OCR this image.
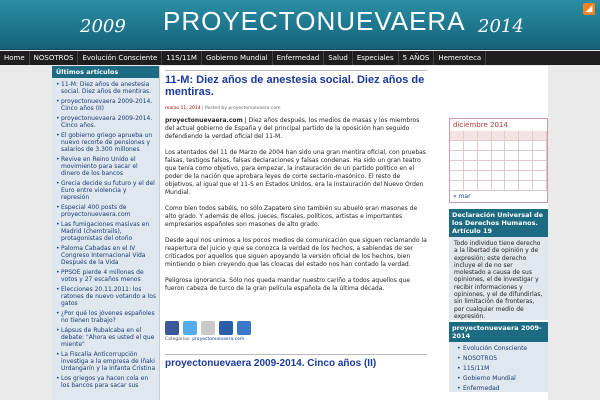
2009 PROYECTONUEVAERA 2014
◢
Home	NOSOTROS	Evolución Consciente	11S/11M	Gobierno Mundial	Enfermedad	Salud	Especiales	5 AÑOS	Hemeroteca
Últimos artículos
• 11-M: Diez años de anestesia social. Diez años de mentiras.
• proyectonuevaera 2009-2014. Cinco años (II)
• proyectonuevaera 2009-2014. Cinco años.
• El gobierno griego aprueba un nuevo recorte de pensiones y salarios de 3.300 millones
• Revive en Reino Unido el movimiento para sacar el dinero de los bancos
• Grecia decide su futuro y el del Euro entre violencia y represión
• Especial 400 posts de proyectonuevaera.com
• Las fumigaciones masivas en Madrid (chemtrails), protagonistas del otoño
• Paloma Cabadas en el IV Congreso Internacional Vida Después de la Vida
• PPSOE pierde 4 millones de votos y 27 escaños menos
• Elecciones 20.11.2011: los ratones de nuevo votando a los gatos
• ¿Por qué los jóvenes españoles no tienen trabajo?
• Lápsus de Rubalcaba en el debate: "Ahora es usted el que miente"
• La Fiscalía Anticorrupción investiga a la empresa de Iñaki Urdangarín y la Infanta Cristina
• Los griegos ya hacen cola en los bancos para sacar sus
11-M: Diez años de anestesia social. Diez años de mentiras.
marzo 11, 2014 | Posted by proyectonuevaera.com

proyectonuevaera.com | Diez años después, los medios de masas y los miembros del actual gobierno de España y del principal partido de la oposición han seguido defendiendo la verdad oficial del 11-M.

Los atentados del 11 de Marzo de 2004 han sido una gran mentira oficial, con pruebas falsas, testigos falsos, falsas declaraciones y falsas condenas. Ha sido un gran teatro que tenía como objetivo, para empezar, la instauración de un partido político en el poder de la nación que aprobara leyes de corte sectario-masónico. El resto de objetivos, al igual que el 11-S en Estados Unidos, era la instauración del Nuevo Orden Mundial.

Como bien todos sabéis, no sólo Zapatero sino también su abuelo eran masones de alto grado. Y además de ellos, jueces, fiscales, políticos, artistas e importantes empresarios españoles son masones de alto grado.

Desde aquí nos unimos a los pocos medios de comunicación que siguen reclamando la reapertura del juicio y que se conozca la verdad de los hechos, a sabiendas de ser criticados por aquellos que siguen apoyando la versión oficial de los hechos, bien mintiendo o bien creyendo que las cloacas del estado nos han contado la verdad.

Peligrosa ignorancia. Sólo nos queda mandar nuestro cariño a todos aquellos que fueron cabeza de turco de la gran película española de la última década.

Categorías: proyectonuevaera.com
proyectonuevaera 2009-2014. Cinco años (II)
diciembre 2014
« mar
Declaración Universal de los Derechos Humanos. Artículo 19
Todo individuo tiene derecho a la libertad de opinión y de expresión; este derecho incluye el de no ser molestado a causa de sus opiniones, el de investigar y recibir informaciones y opiniones, y el de difundirlas, sin limitación de fronteras, por cualquier medio de expresión.
proyectonuevaera 2009-2014
• Evolución Consciente
• NOSOTROS
• 11S/11M
• Gobierno Mundial
• Enfermedad
